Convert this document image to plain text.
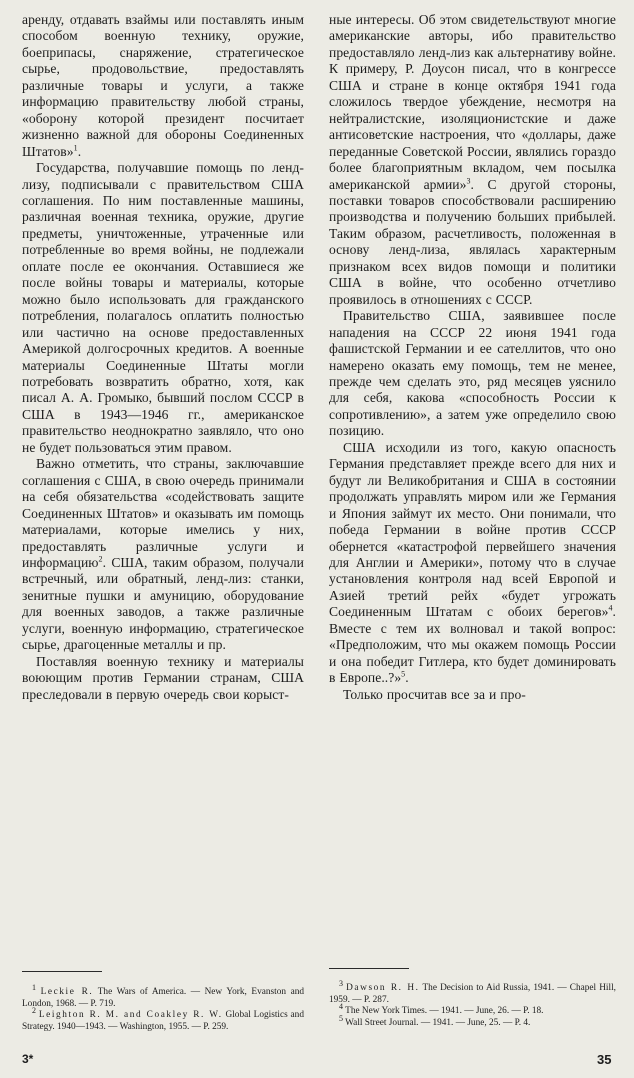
аренду, отдавать взаймы или поставлять иным способом военную технику, оружие, боеприпасы, снаряжение, стратегическое сырье, продовольствие, предоставлять различные товары и услуги, а также информацию правительству любой страны, «оборону которой президент посчитает жизненно важной для обороны Соединенных Штатов»$^1$.

Государства, получавшие помощь по ленд-лизу, подписывали с правительством США соглашения. По ним поставленные машины, различная военная техника, оружие, другие предметы, уничтоженные, утраченные или потребленные во время войны, не подлежали оплате после ее окончания. Оставшиеся же после войны товары и материалы, которые можно было использовать для гражданского потребления, полагалось оплатить полностью или частично на основе предоставленных Америкой долгосрочных кредитов. А военные материалы Соединенные Штаты могли потребовать возвратить обратно, хотя, как писал А. А. Громыко, бывший послом СССР в США в 1943—1946 гг., американское правительство неоднократно заявляло, что оно не будет пользоваться этим правом.

Важно отметить, что страны, заключавшие соглашения с США, в свою очередь принимали на себя обязательства «содействовать защите Соединенных Штатов» и оказывать им помощь материалами, которые имелись у них, предоставлять различные услуги и информацию$^2$. США, таким образом, получали встречный, или обратный, ленд-лиз: станки, зенитные пушки и амуницию, оборудование для военных заводов, а также различные услуги, военную информацию, стратегическое сырье, драгоценные металлы и пр.

Поставляя военную технику и материалы воюющим против Германии странам, США преследовали в первую очередь свои корыст-

ные интересы. Об этом свидетельствуют многие американские авторы, ибо правительство предоставляло ленд-лиз как альтернативу войне. К примеру, Р. Доусон писал, что в конгрессе США и стране в конце октября 1941 года сложилось твердое убеждение, несмотря на нейтралистские, изоляционистские и даже антисоветские настроения, что «доллары, даже переданные Советской России, являлись гораздо более благоприятным вкладом, чем посылка американской армии»$^3$. С другой стороны, поставки товаров способствовали расширению производства и получению больших прибылей. Таким образом, расчетливость, положенная в основу ленд-лиза, являлась характерным признаком всех видов помощи и политики США в войне, что особенно отчетливо проявилось в отношениях с СССР.

Правительство США, заявившее после нападения на СССР 22 июня 1941 года фашистской Германии и ее сателлитов, что оно намерено оказать ему помощь, тем не менее, прежде чем сделать это, ряд месяцев уяснило для себя, какова «способность России к сопротивлению», а затем уже определило свою позицию.

США исходили из того, какую опасность Германия представляет прежде всего для них и будут ли Великобритания и США в состоянии продолжать управлять миром или же Германия и Япония займут их место. Они понимали, что победа Германии в войне против СССР обернется «катастрофой первейшего значения для Англии и Америки», потому что в случае установления контроля над всей Европой и Азией третий рейх «будет угрожать Соединенным Штатам с обоих берегов»$^4$. Вместе с тем их волновал и такой вопрос: «Предположим, что мы окажем помощь России и она победит Гитлера, кто будет доминировать в Европе..?»$^5$.

Только просчитав все за и про-

$^1$ Leckie R. The Wars of America. — New York, Evanston and London, 1968. — P. 719.

$^2$ Leighton R. M. and Coakley R. W. Global Logistics and Strategy. 1940—1943. — Washington, 1955. — P. 259.

$^3$ Dawson R. H. The Decision to Aid Russia, 1941. — Chapel Hill, 1959. — P. 287.

$^4$ The New York Times. — 1941. — June, 26. — P. 18.

$^5$ Wall Street Journal. — 1941. — June, 25. — P. 4.

3*	35
